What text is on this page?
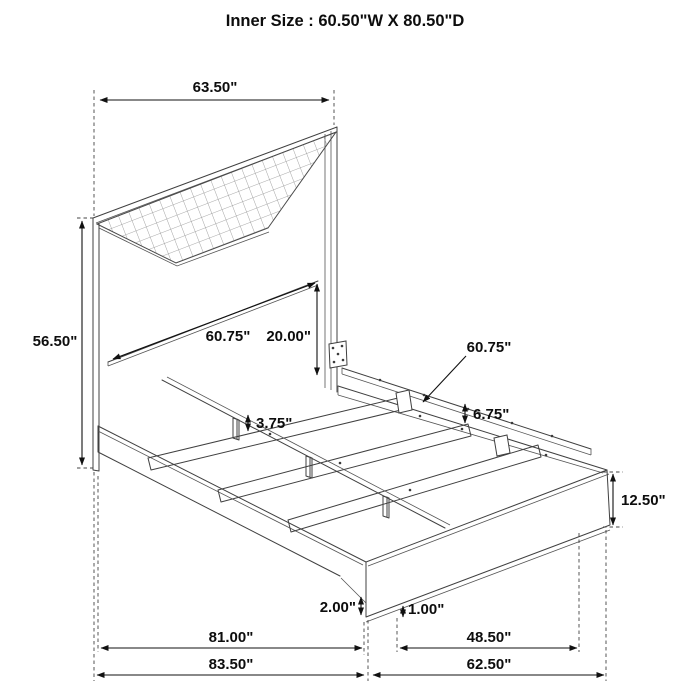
Inner Size : 60.50"W X 80.50"D
63.50"
56.50"	60.75" 20.00"
60.75"
6.75"
3.75"
12.50"
2.00"	1.00"
81.00"	48.50"
83.50"	62.50"
